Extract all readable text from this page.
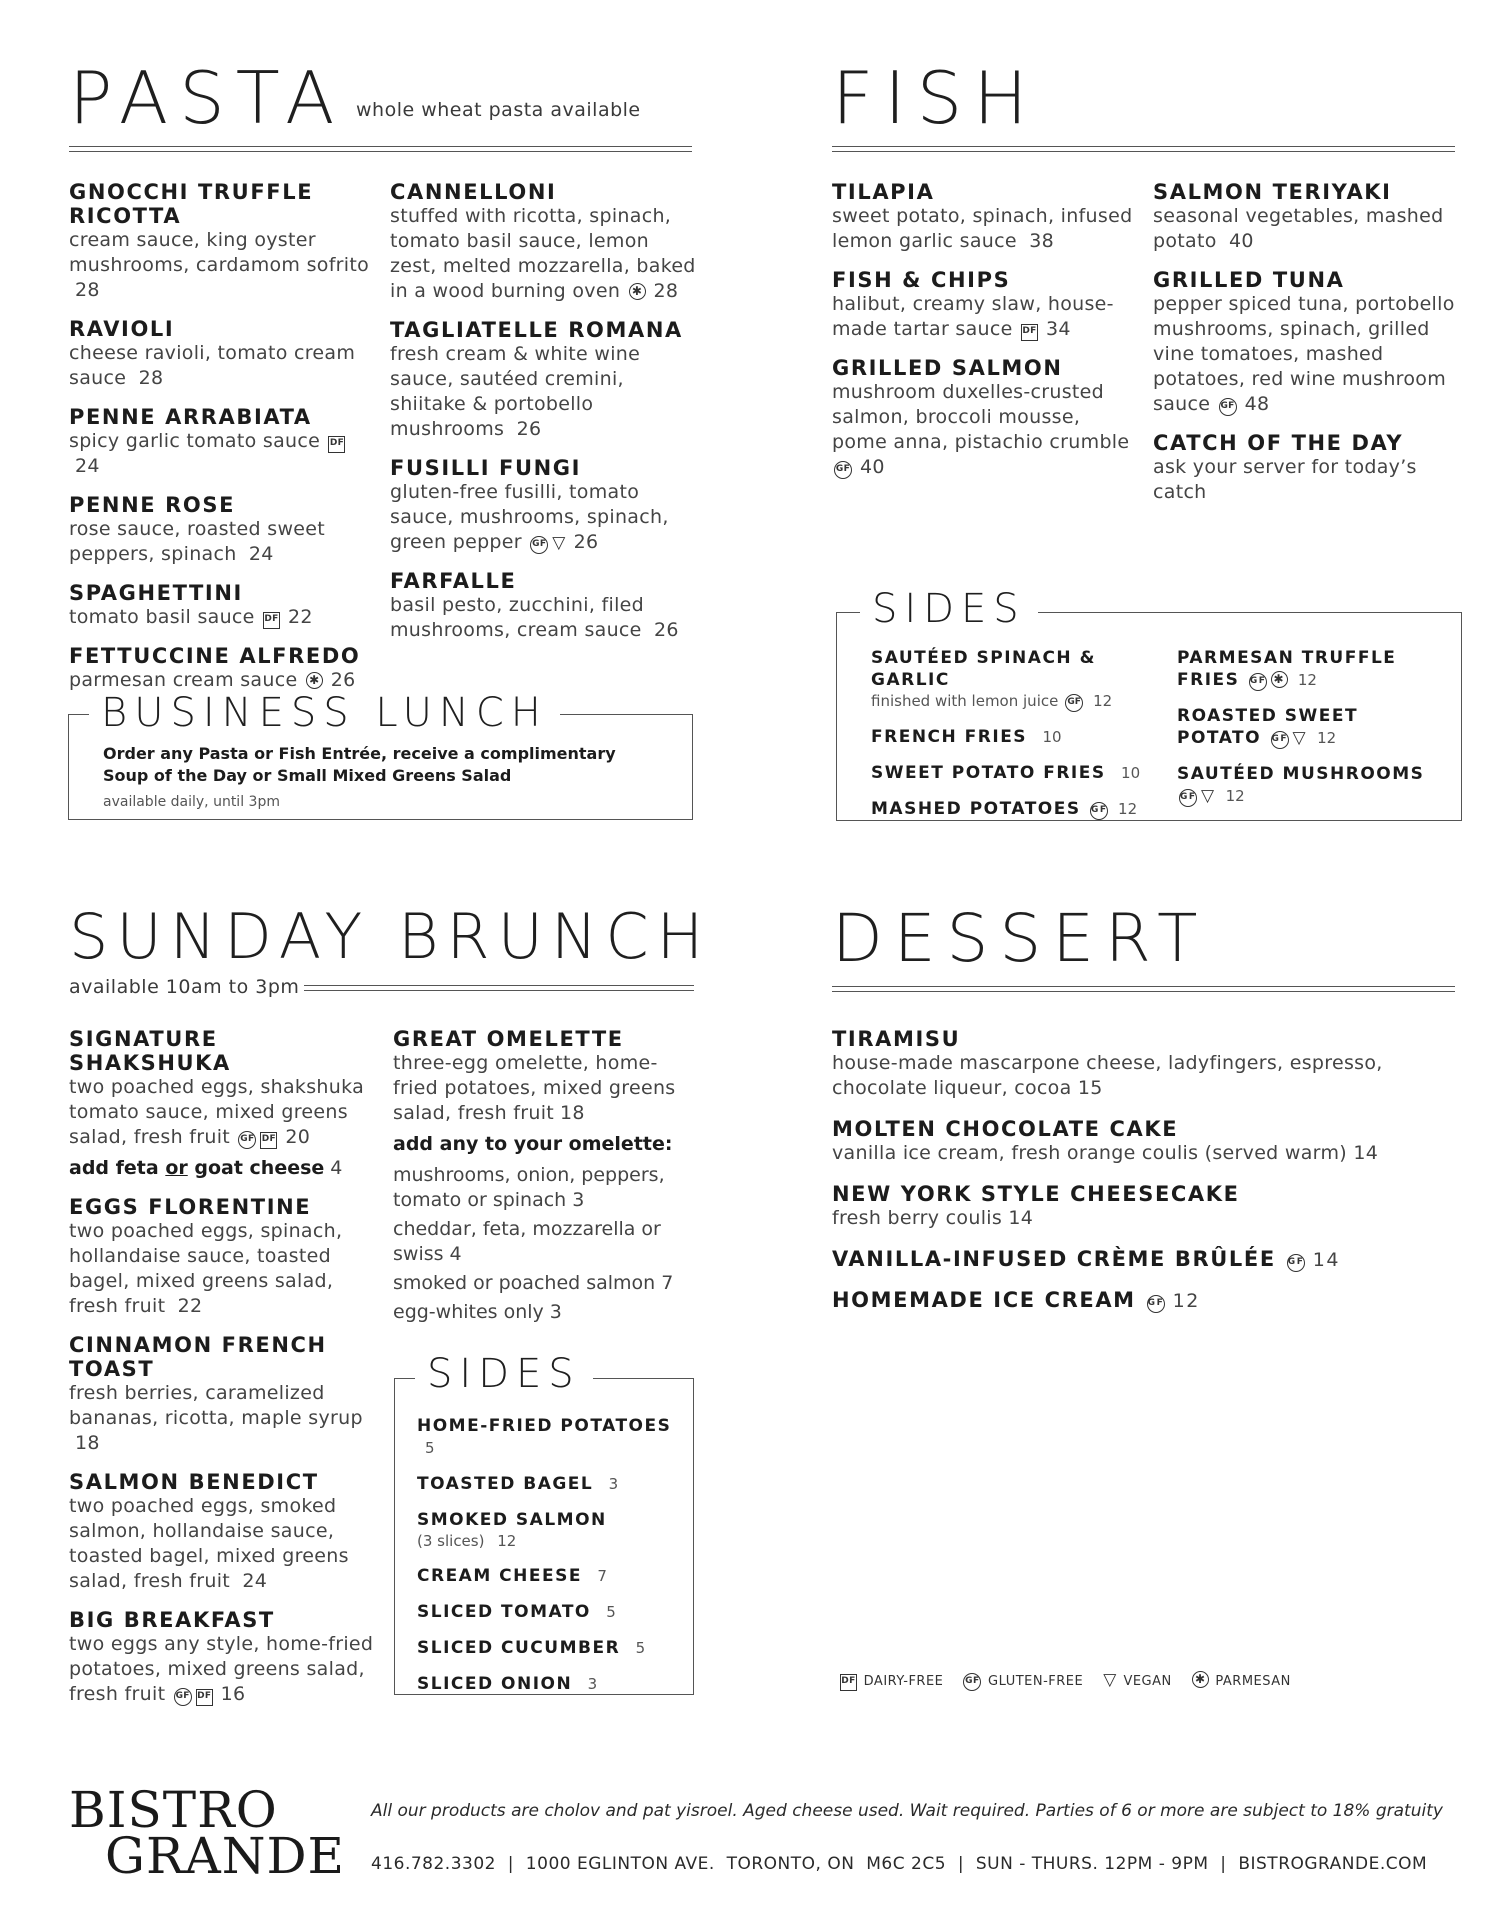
PASTA whole wheat pasta available
GNOCCHI TRUFFLE RICOTTA
cream sauce, king oyster mushrooms, cardamom sofrito 28
RAVIOLI
cheese ravioli, tomato cream sauce 28
PENNE ARRABIATA
spicy garlic tomato sauce DF24
PENNE ROSE
rose sauce, roasted sweet peppers, spinach 24
SPAGHETTINI
tomato basil sauce DF 22
FETTUCCINE ALFREDO
parmesan cream sauce ✱ 26
CANNELLONI
stuffed with ricotta, spinach, tomato basil sauce, lemon zest, melted mozzarella, baked in a wood burning oven ✱ 28
TAGLIATELLE ROMANA
fresh cream & white wine sauce, sautéed cremini, shiitake & portobello mushrooms 26
FUSILLI FUNGI
gluten-free fusilli, tomato sauce, mushrooms, spinach, green pepper GF ▽ 26
FARFALLE
basil pesto, zucchini, filed mushrooms, cream sauce 26
BUSINESS LUNCH
Order any Pasta or Fish Entrée, receive a complimentary
Soup of the Day or Small Mixed Greens Salad
available daily, until 3pm
FISH
TILAPIA
sweet potato, spinach, infused lemon garlic sauce 38
FISH & CHIPS
halibut, creamy slaw, house-made tartar sauce DF 34
GRILLED SALMON
mushroom duxelles-crusted salmon, broccoli mousse, pome anna, pistachio crumble GF 40
SALMON TERIYAKI
seasonal vegetables, mashed potato 40
GRILLED TUNA
pepper spiced tuna, portobello mushrooms, spinach, grilled vine tomatoes, mashed potatoes, red wine mushroom sauce GF 48
CATCH OF THE DAY
ask your server for today’s catch
SIDES
SAUTÉED SPINACH & GARLIC
finished with lemon juice GF 12
FRENCH FRIES 10
SWEET POTATO FRIES 10
MASHED POTATOES GF 12
PARMESAN TRUFFLE FRIES GF ✱ 12
ROASTED SWEET POTATO GF ▽ 12
SAUTÉED MUSHROOMS GF ▽ 12
SUNDAY BRUNCH
available 10am to 3pm
SIGNATURE SHAKSHUKA
two poached eggs, shakshuka tomato sauce, mixed greens salad, fresh fruit GF DF 20
add feta or goat cheese 4
EGGS FLORENTINE
two poached eggs, spinach, hollandaise sauce, toasted bagel, mixed greens salad, fresh fruit 22
CINNAMON FRENCH TOAST
fresh berries, caramelized bananas, ricotta, maple syrup 18
SALMON BENEDICT
two poached eggs, smoked salmon, hollandaise sauce, toasted bagel, mixed greens salad, fresh fruit 24
BIG BREAKFAST
two eggs any style, home-fried potatoes, mixed greens salad, fresh fruit GF DF 16
GREAT OMELETTE
three-egg omelette, home-fried potatoes, mixed greens salad, fresh fruit 18
add any to your omelette:
mushrooms, onion, peppers, tomato or spinach 3
cheddar, feta, mozzarella or swiss 4
smoked or poached salmon 7
egg-whites only 3
SIDES
HOME-FRIED POTATOES 5
TOASTED BAGEL 3
SMOKED SALMON
(3 slices) 12
CREAM CHEESE 7
SLICED TOMATO 5
SLICED CUCUMBER 5
SLICED ONION 3
DESSERT
TIRAMISU
house-made mascarpone cheese, ladyfingers, espresso, chocolate liqueur, cocoa 15
MOLTEN CHOCOLATE CAKE
vanilla ice cream, fresh orange coulis (served warm) 14
NEW YORK STYLE CHEESECAKE
fresh berry coulis 14
VANILLA-INFUSED CRÈME BRÛLÉE GF 14
HOMEMADE ICE CREAM GF 12
DF DAIRY-FREE GF GLUTEN-FREE ▽ VEGAN ✱ PARMESAN
BISTRO
GRANDE
All our products are cholov and pat yisroel. Aged cheese used. Wait required. Parties of 6 or more are subject to 18% gratuity
416.782.3302  |  1000 EGLINTON AVE.  TORONTO, ON  M6C 2C5  |  SUN - THURS. 12PM - 9PM  |  BISTROGRANDE.COM
